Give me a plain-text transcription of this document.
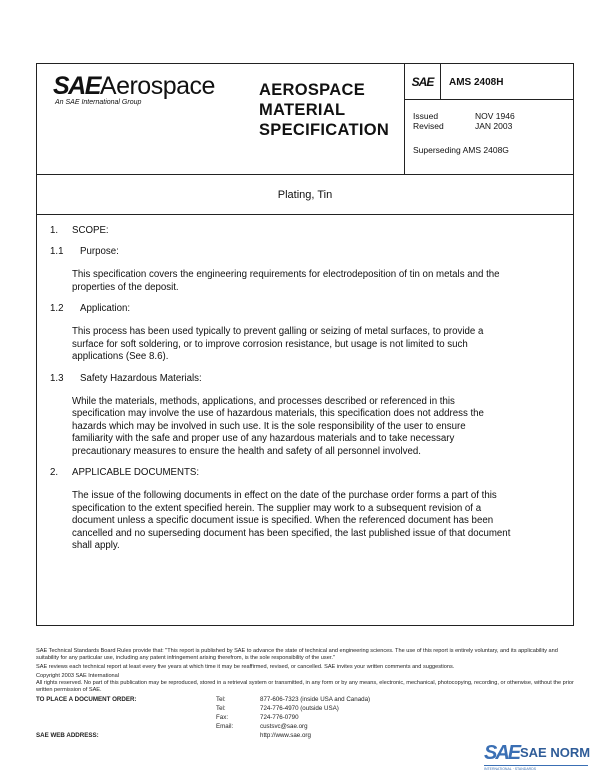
SAEAerospace
An SAE International Group
AEROSPACE
MATERIAL
SPECIFICATION
SAE	AMS 2408H
Issued	NOV 1946
Revised	JAN 2003
Superseding AMS 2408G
Plating, Tin
1. SCOPE:
1.1 Purpose:
This specification covers the engineering requirements for electrodeposition of tin on metals and the
properties of the deposit.
1.2 Application:
This process has been used typically to prevent galling or seizing of metal surfaces, to provide a
surface for soft soldering, or to improve corrosion resistance, but usage is not limited to such
applications (See 8.6).
1.3 Safety Hazardous Materials:
While the materials, methods, applications, and processes described or referenced in this
specification may involve the use of hazardous materials, this specification does not address the
hazards which may be involved in such use. It is the sole responsibility of the user to ensure
familiarity with the safe and proper use of any hazardous materials and to take necessary
precautionary measures to ensure the health and safety of all personnel involved.
2. APPLICABLE DOCUMENTS:
The issue of the following documents in effect on the date of the purchase order forms a part of this
specification to the extent specified herein. The supplier may work to a subsequent revision of a
document unless a specific document issue is specified. When the referenced document has been
cancelled and no superseding document has been specified, the last published issue of that document
shall apply.
SAE Technical Standards Board Rules provide that: "This report is published by SAE to advance the state of technical and engineering sciences. The use of this report is entirely voluntary, and its applicability and suitability for any particular use, including any patent infringement arising therefrom, is the sole responsibility of the user."
SAE reviews each technical report at least every five years at which time it may be reaffirmed, revised, or cancelled. SAE invites your written comments and suggestions.
Copyright 2003 SAE International
All rights reserved. No part of this publication may be reproduced, stored in a retrieval system or transmitted, in any form or by any means, electronic, mechanical, photocopying, recording, or otherwise, without the prior written permission of SAE.
TO PLACE A DOCUMENT ORDER:	Tel:	877-606-7323 (inside USA and Canada)
Tel:	724-776-4970 (outside USA)
Fax:	724-776-0790
Email:	custsvc@sae.org
SAE WEB ADDRESS:	http://www.sae.org
SAE SAE NORM
INTERNATIONAL · STANDARDS
